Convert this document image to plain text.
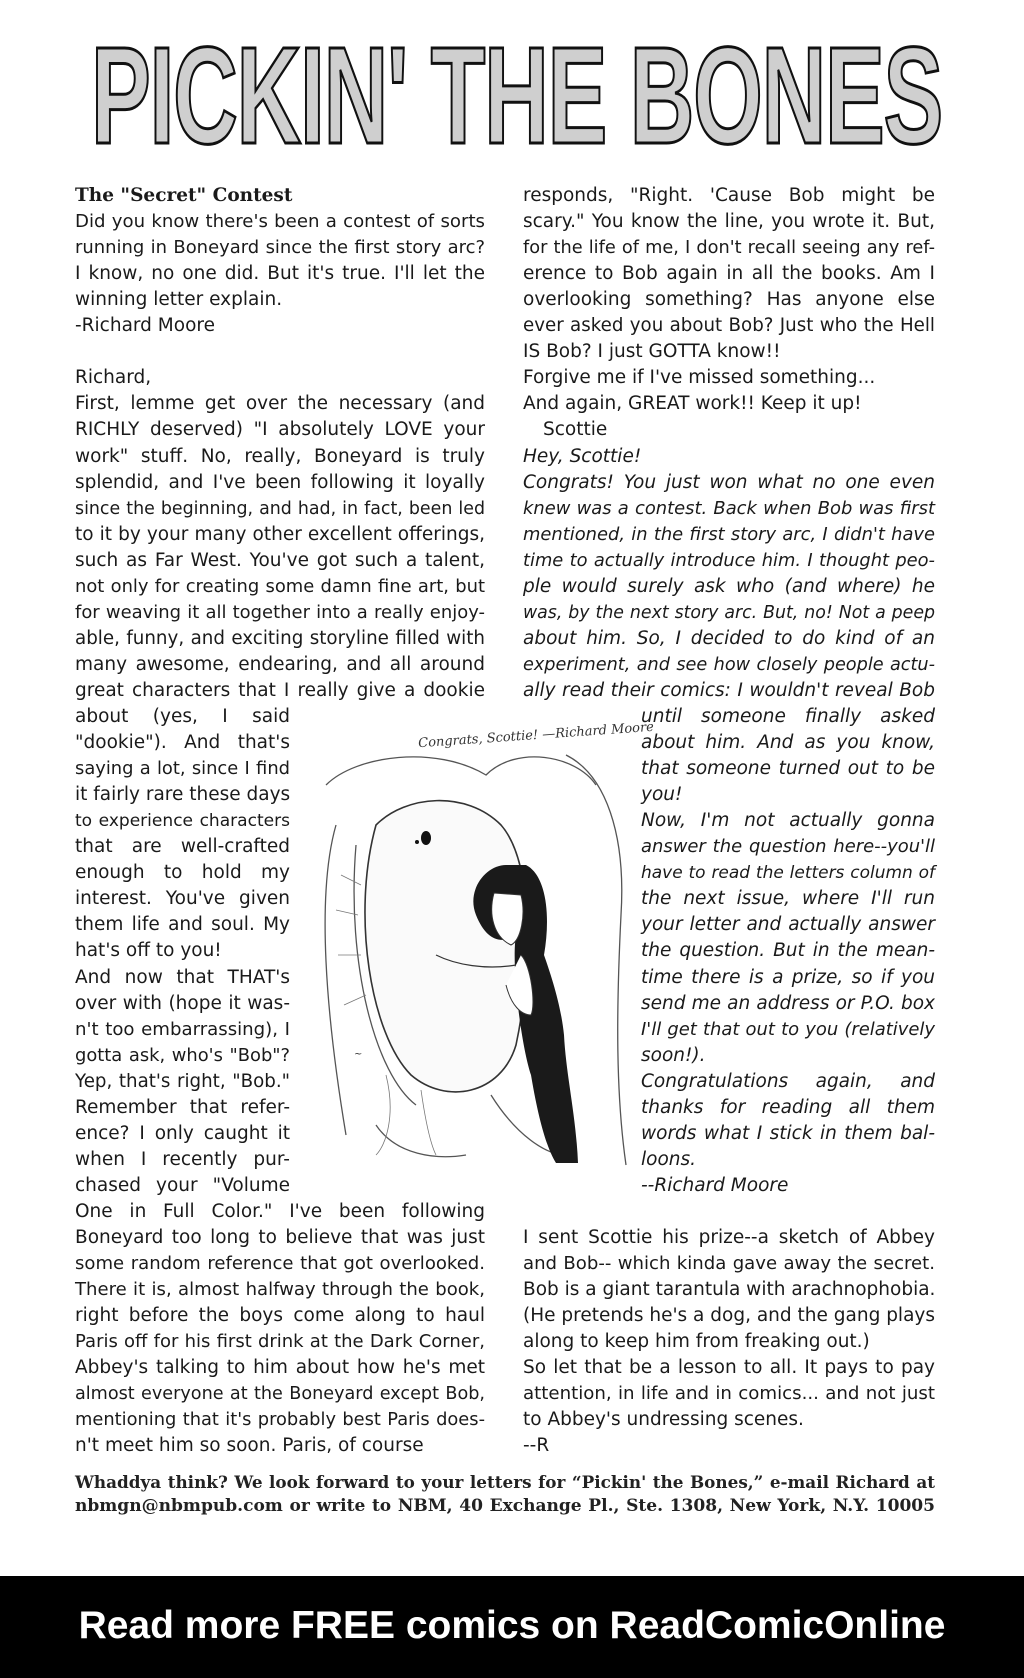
PICKIN' THE BONES
The "Secret" Contest
Did you know there's been a contest of sorts
running in Boneyard since the first story arc?
I know, no one did. But it's true. I'll let the
winning letter explain.
-Richard Moore
Richard,
First, lemme get over the necessary (and
RICHLY deserved) "I absolutely LOVE your
work" stuff. No, really, Boneyard is truly
splendid, and I've been following it loyally
since the beginning, and had, in fact, been led
to it by your many other excellent offerings,
such as Far West. You've got such a talent,
not only for creating some damn fine art, but
for weaving it all together into a really enjoy-
able, funny, and exciting storyline filled with
many awesome, endearing, and all around
great characters that I really give a dookie
about (yes, I said
"dookie"). And that's
saying a lot, since I find
it fairly rare these days
to experience characters
that are well-crafted
enough to hold my
interest. You've given
them life and soul. My
hat's off to you!
And now that THAT's
over with (hope it was-
n't too embarrassing), I
gotta ask, who's "Bob"?
Yep, that's right, "Bob."
Remember that refer-
ence? I only caught it
when I recently pur-
chased your "Volume
One in Full Color." I've been following
Boneyard too long to believe that was just
some random reference that got overlooked.
There it is, almost halfway through the book,
right before the boys come along to haul
Paris off for his first drink at the Dark Corner,
Abbey's talking to him about how he's met
almost everyone at the Boneyard except Bob,
mentioning that it's probably best Paris does-
n't meet him so soon. Paris, of course
responds, "Right. 'Cause Bob might be
scary." You know the line, you wrote it. But,
for the life of me, I don't recall seeing any ref-
erence to Bob again in all the books. Am I
overlooking something? Has anyone else
ever asked you about Bob? Just who the Hell
IS Bob? I just GOTTA know!!
Forgive me if I've missed something...
And again, GREAT work!! Keep it up!
Scottie
Hey, Scottie!
Congrats! You just won what no one even
knew was a contest. Back when Bob was first
mentioned, in the first story arc, I didn't have
time to actually introduce him. I thought peo-
ple would surely ask who (and where) he
was, by the next story arc. But, no! Not a peep
about him. So, I decided to do kind of an
experiment, and see how closely people actu-
ally read their comics: I wouldn't reveal Bob
until someone finally asked
about him. And as you know,
that someone turned out to be
you!
Now, I'm not actually gonna
answer the question here--you'll
have to read the letters column of
the next issue, where I'll run
your letter and actually answer
the question. But in the mean-
time there is a prize, so if you
send me an address or P.O. box
I'll get that out to you (relatively
soon!).
Congratulations again, and
thanks for reading all them
words what I stick in them bal-
loons.
--Richard Moore
I sent Scottie his prize--a sketch of Abbey
and Bob-- which kinda gave away the secret.
Bob is a giant tarantula with arachnophobia.
(He pretends he's a dog, and the gang plays
along to keep him from freaking out.)
So let that be a lesson to all. It pays to pay
attention, in life and in comics... and not just
to Abbey's undressing scenes.
--R
~
Congrats, Scottie! —Richard Moore
Whaddya think? We look forward to your letters for “Pickin' the Bones,” e-mail Richard at
nbmgn@nbmpub.com or write to NBM, 40 Exchange Pl., Ste. 1308, New York, N.Y. 10005
Read more FREE comics on ReadComicOnline
